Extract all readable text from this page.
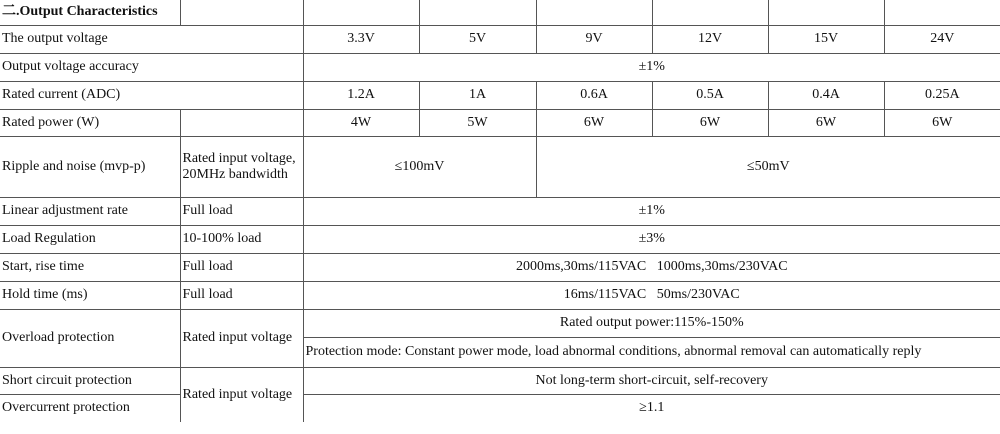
二.Output Characteristics							
The output voltage		3.3V	5V	9V	12V	15V	24V
Output voltage accuracy		±1%					
Rated current (ADC)		1.2A	1A	0.6A	0.5A	0.4A	0.25A
Rated power (W)		4W	5W	6W	6W	6W	6W
Ripple and noise (mvp-p)	Rated input voltage, 20MHz bandwidth	≤100mV		≤50mV			
Linear adjustment rate	Full load	±1%					
Load Regulation	10-100% load	±3%					
Start, rise time	Full load	2000ms,30ms/115VAC   1000ms,30ms/230VAC					
Hold time (ms)	Full load	16ms/115VAC   50ms/230VAC					
Overload protection	Rated input voltage	Rated output power:115%-150%					
		Protection mode: Constant power mode, load abnormal conditions, abnormal removal can automatically reply					
Short circuit protection	Rated input voltage	Not long-term short-circuit, self-recovery					
Overcurrent protection		≥1.1					
